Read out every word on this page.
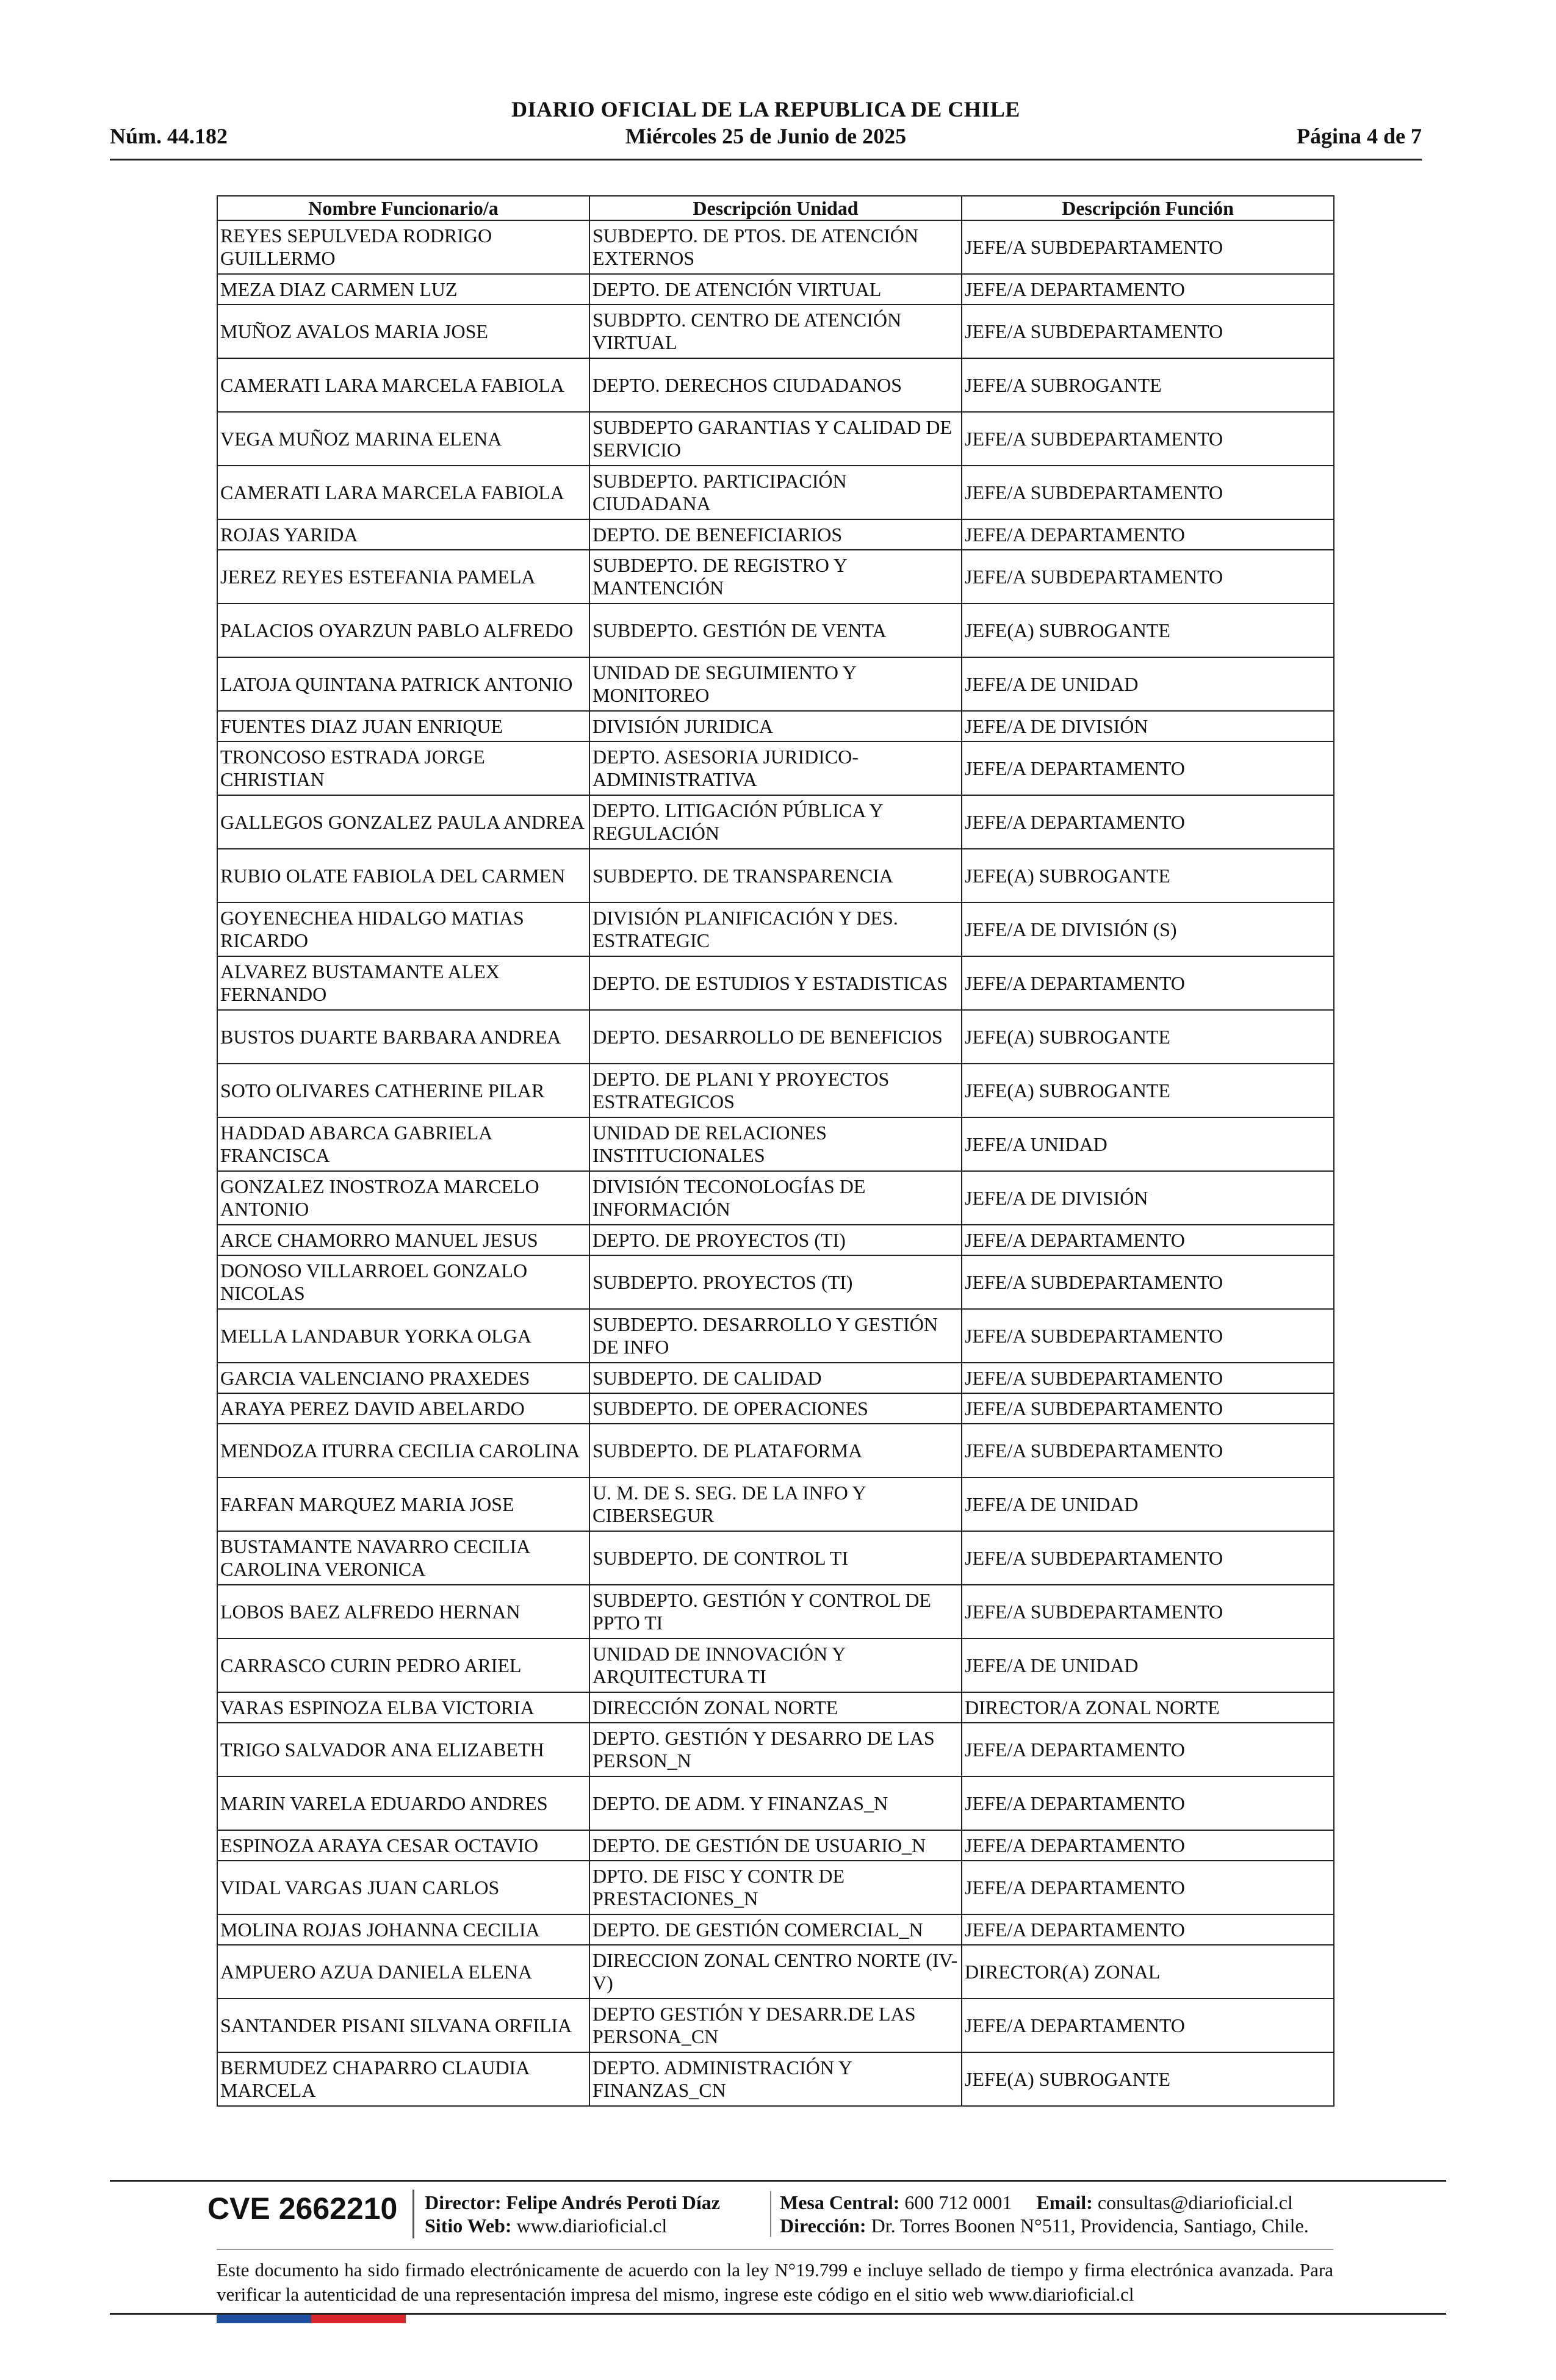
DIARIO OFICIAL DE LA REPUBLICA DE CHILE
Núm. 44.182	Miércoles 25 de Junio de 2025	Página 4 de 7
Nombre Funcionario/a	Descripción Unidad	Descripción Función
REYES SEPULVEDA RODRIGO GUILLERMO	SUBDEPTO. DE PTOS. DE ATENCIÓN EXTERNOS	JEFE/A SUBDEPARTAMENTO
MEZA DIAZ CARMEN LUZ	DEPTO. DE ATENCIÓN VIRTUAL	JEFE/A DEPARTAMENTO
MUÑOZ AVALOS MARIA JOSE	SUBDPTO. CENTRO DE ATENCIÓN VIRTUAL	JEFE/A SUBDEPARTAMENTO
CAMERATI LARA MARCELA FABIOLA	DEPTO. DERECHOS CIUDADANOS	JEFE/A SUBROGANTE
VEGA MUÑOZ MARINA ELENA	SUBDEPTO GARANTIAS Y CALIDAD DE SERVICIO	JEFE/A SUBDEPARTAMENTO
CAMERATI LARA MARCELA FABIOLA	SUBDEPTO. PARTICIPACIÓN CIUDADANA	JEFE/A SUBDEPARTAMENTO
ROJAS YARIDA	DEPTO. DE BENEFICIARIOS	JEFE/A DEPARTAMENTO
JEREZ REYES ESTEFANIA PAMELA	SUBDEPTO. DE REGISTRO Y MANTENCIÓN	JEFE/A SUBDEPARTAMENTO
PALACIOS OYARZUN PABLO ALFREDO	SUBDEPTO. GESTIÓN DE VENTA	JEFE(A) SUBROGANTE
LATOJA QUINTANA PATRICK ANTONIO	UNIDAD DE SEGUIMIENTO Y MONITOREO	JEFE/A DE UNIDAD
FUENTES DIAZ JUAN ENRIQUE	DIVISIÓN JURIDICA	JEFE/A DE DIVISIÓN
TRONCOSO ESTRADA JORGE CHRISTIAN	DEPTO. ASESORIA JURIDICO-ADMINISTRATIVA	JEFE/A DEPARTAMENTO
GALLEGOS GONZALEZ PAULA ANDREA	DEPTO. LITIGACIÓN PÚBLICA Y REGULACIÓN	JEFE/A DEPARTAMENTO
RUBIO OLATE FABIOLA DEL CARMEN	SUBDEPTO. DE TRANSPARENCIA	JEFE(A) SUBROGANTE
GOYENECHEA HIDALGO MATIAS RICARDO	DIVISIÓN PLANIFICACIÓN Y DES. ESTRATEGIC	JEFE/A DE DIVISIÓN (S)
ALVAREZ BUSTAMANTE ALEX FERNANDO	DEPTO. DE ESTUDIOS Y ESTADISTICAS	JEFE/A DEPARTAMENTO
BUSTOS DUARTE BARBARA ANDREA	DEPTO. DESARROLLO DE BENEFICIOS	JEFE(A) SUBROGANTE
SOTO OLIVARES CATHERINE PILAR	DEPTO. DE PLANI Y PROYECTOS ESTRATEGICOS	JEFE(A) SUBROGANTE
HADDAD ABARCA GABRIELA FRANCISCA	UNIDAD DE RELACIONES INSTITUCIONALES	JEFE/A UNIDAD
GONZALEZ INOSTROZA MARCELO ANTONIO	DIVISIÓN TECONOLOGÍAS DE INFORMACIÓN	JEFE/A DE DIVISIÓN
ARCE CHAMORRO MANUEL JESUS	DEPTO. DE PROYECTOS (TI)	JEFE/A DEPARTAMENTO
DONOSO VILLARROEL GONZALO NICOLAS	SUBDEPTO. PROYECTOS (TI)	JEFE/A SUBDEPARTAMENTO
MELLA LANDABUR YORKA OLGA	SUBDEPTO. DESARROLLO Y GESTIÓN DE INFO	JEFE/A SUBDEPARTAMENTO
GARCIA VALENCIANO PRAXEDES	SUBDEPTO. DE CALIDAD	JEFE/A SUBDEPARTAMENTO
ARAYA PEREZ DAVID ABELARDO	SUBDEPTO. DE OPERACIONES	JEFE/A SUBDEPARTAMENTO
MENDOZA ITURRA CECILIA CAROLINA	SUBDEPTO. DE PLATAFORMA	JEFE/A SUBDEPARTAMENTO
FARFAN MARQUEZ MARIA JOSE	U. M. DE S. SEG. DE LA INFO Y CIBERSEGUR	JEFE/A DE UNIDAD
BUSTAMANTE NAVARRO CECILIA CAROLINA VERONICA	SUBDEPTO. DE CONTROL TI	JEFE/A SUBDEPARTAMENTO
LOBOS BAEZ ALFREDO HERNAN	SUBDEPTO. GESTIÓN Y CONTROL DE PPTO TI	JEFE/A SUBDEPARTAMENTO
CARRASCO CURIN PEDRO ARIEL	UNIDAD DE INNOVACIÓN Y ARQUITECTURA TI	JEFE/A DE UNIDAD
VARAS ESPINOZA ELBA VICTORIA	DIRECCIÓN ZONAL NORTE	DIRECTOR/A ZONAL NORTE
TRIGO SALVADOR ANA ELIZABETH	DEPTO. GESTIÓN Y DESARRO DE LAS PERSON_N	JEFE/A DEPARTAMENTO
MARIN VARELA EDUARDO ANDRES	DEPTO. DE ADM. Y FINANZAS_N	JEFE/A DEPARTAMENTO
ESPINOZA ARAYA CESAR OCTAVIO	DEPTO. DE GESTIÓN DE USUARIO_N	JEFE/A DEPARTAMENTO
VIDAL VARGAS JUAN CARLOS	DPTO. DE FISC Y CONTR DE PRESTACIONES_N	JEFE/A DEPARTAMENTO
MOLINA ROJAS JOHANNA CECILIA	DEPTO. DE GESTIÓN COMERCIAL_N	JEFE/A DEPARTAMENTO
AMPUERO AZUA DANIELA ELENA	DIRECCION ZONAL CENTRO NORTE (IV-V)	DIRECTOR(A) ZONAL
SANTANDER PISANI SILVANA ORFILIA	DEPTO GESTIÓN Y DESARR.DE LAS PERSONA_CN	JEFE/A DEPARTAMENTO
BERMUDEZ CHAPARRO CLAUDIA MARCELA	DEPTO. ADMINISTRACIÓN Y FINANZAS_CN	JEFE(A) SUBROGANTE
CVE 2662210 Director: Felipe Andrés Peroti Díaz
Sitio Web: www.diarioficial.cl
Mesa Central: 600 712 0001 Email: consultas@diarioficial.cl
Dirección: Dr. Torres Boonen N°511, Providencia, Santiago, Chile.
Este documento ha sido firmado electrónicamente de acuerdo con la ley N°19.799 e incluye sellado de tiempo y firma electrónica avanzada. Para verificar la autenticidad de una representación impresa del mismo, ingrese este código en el sitio web www.diarioficial.cl
